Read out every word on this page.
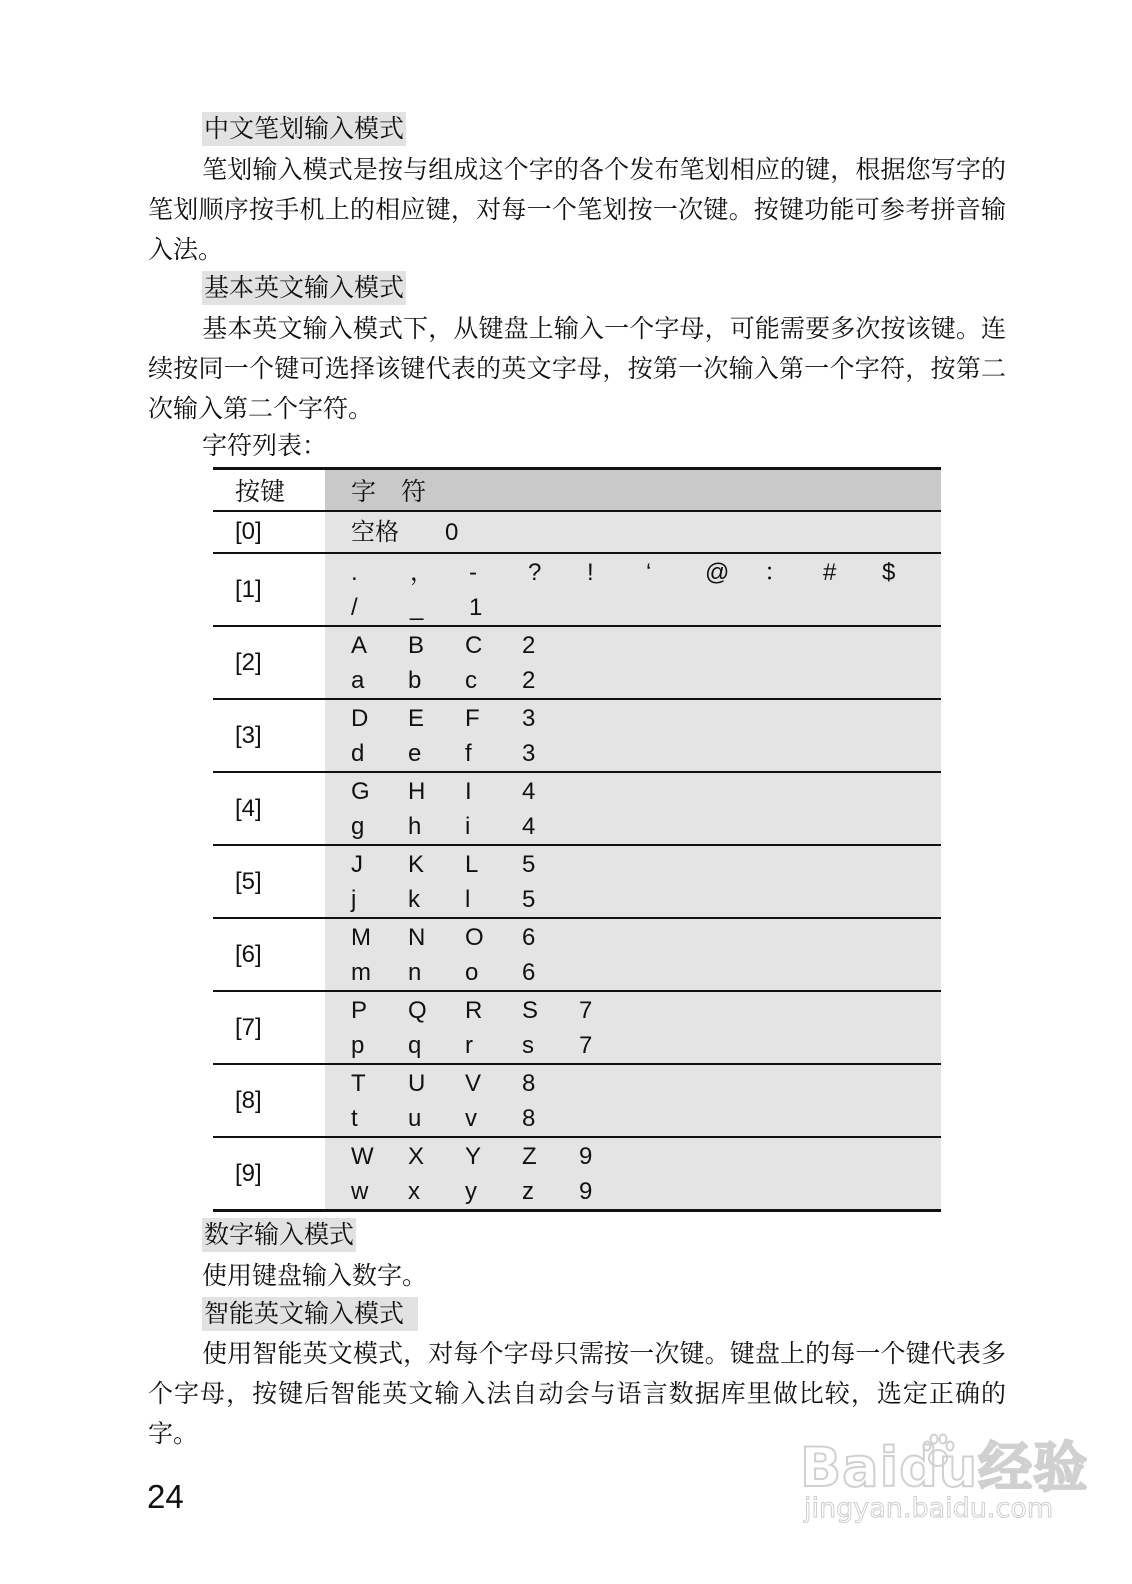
中文笔划输入模式

笔划输入模式是按与组成这个字的各个发布笔划相应的键，根据您写字的笔划顺序按手机上的相应键，对每一个笔划按一次键。按键功能可参考拼音输入法。

基本英文输入模式

基本英文输入模式下，从键盘上输入一个字母，可能需要多次按该键。连续按同一个键可选择该键代表的英文字母，按第一次输入第一个字符，按第二次输入第二个字符。

字符列表：

按键	字　符
[0]	空格 0

[1]	. ， - ? ! ‘ @ ： # $
/ _ 1

[2]	A B C 2
a b c 2

[3]	D E F 3
d e f 3

[4]	G H I 4
g h i 4

[5]	J K L 5
j k l 5

[6]	M N O 6
m n o 6

[7]	P Q R S 7
p q r s 7

[8]	T U V 8
t u v 8

[9]	W X Y Z 9
w x y z 9
数字输入模式

使用键盘输入数字。

智能英文输入模式

使用智能英文模式，对每个字母只需按一次键。键盘上的每一个键代表多个字母，按键后智能英文输入法自动会与语言数据库里做比较，选定正确的字。

24	Baidu经验
jingyan.baidu.com
